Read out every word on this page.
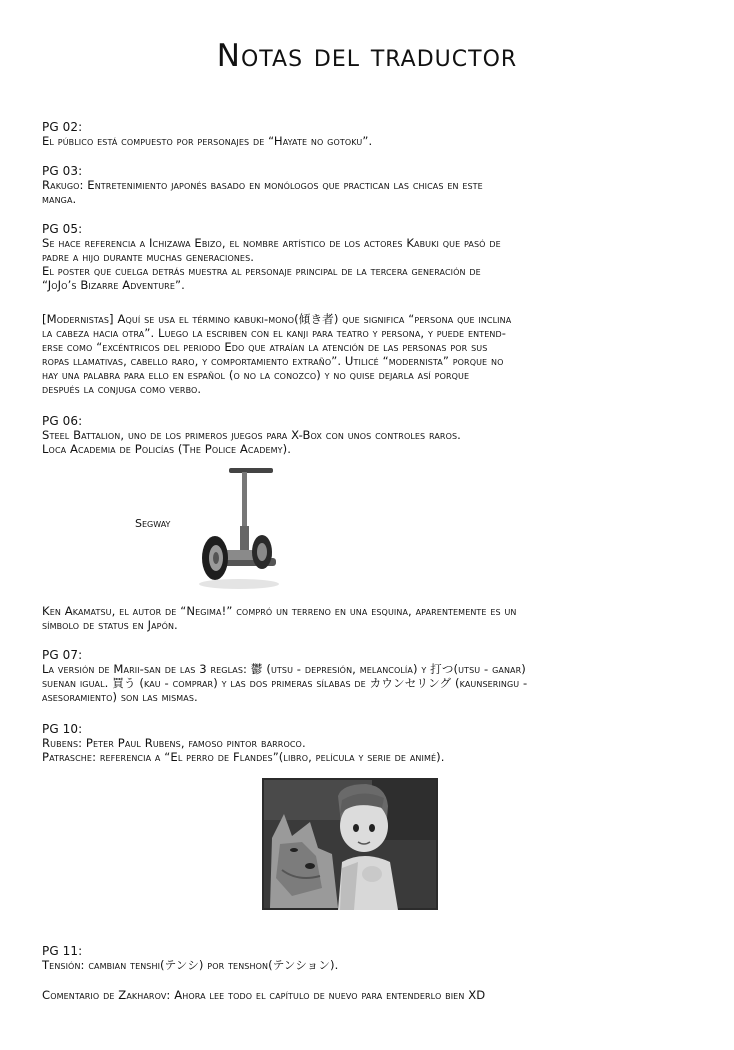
Notas del traductor

PG 02:

El público está compuesto por personajes de “Hayate no gotoku”.

PG 03:

Rakugo: Entretenimiento japonés basado en monólogos que practican las chicas en este

manga.

PG 05:

Se hace referencia a Ichizawa Ebizo, el nombre artístico de los actores Kabuki que pasó de

padre a hijo durante muchas generaciones.

El poster que cuelga detrás muestra al personaje principal de la tercera generación de

“JoJo’s Bizarre Adventure”.

[Modernistas] Aquí se usa el término kabuki-mono(傾き者) que significa “persona que inclina

la cabeza hacia otra”. Luego la escriben con el kanji para teatro y persona, y puede entend-

erse como “excéntricos del periodo Edo que atraían la atención de las personas por sus

ropas llamativas, cabello raro, y comportamiento extraño”. Utilicé “modernista” porque no

hay una palabra para ello en español (o no la conozco) y no quise dejarla así porque

después la conjuga como verbo.

PG 06:

Steel Battalion, uno de los primeros juegos para X-Box con unos controles raros.

Loca Academia de Policías (The Police Academy).

Segway

Ken Akamatsu, el autor de “Negima!” compró un terreno en una esquina, aparentemente es un

símbolo de status en Japón.

PG 07:

La versión de Marii-san de las 3 reglas: 鬱 (utsu - depresión, melancolía) y 打つ(utsu - ganar)

suenan igual. 買う (kau - comprar) y las dos primeras sílabas de カウンセリング (kaunseringu -

asesoramiento) son las mismas.

PG 10:

Rubens: Peter Paul Rubens, famoso pintor barroco.

Patrasche: referencia a “El perro de Flandes”(libro, película y serie de animé).

PG 11:

Tensión: cambian tenshi(テンシ) por tenshon(テンション).

Comentario de Zakharov: Ahora lee todo el capítulo de nuevo para entenderlo bien XD
